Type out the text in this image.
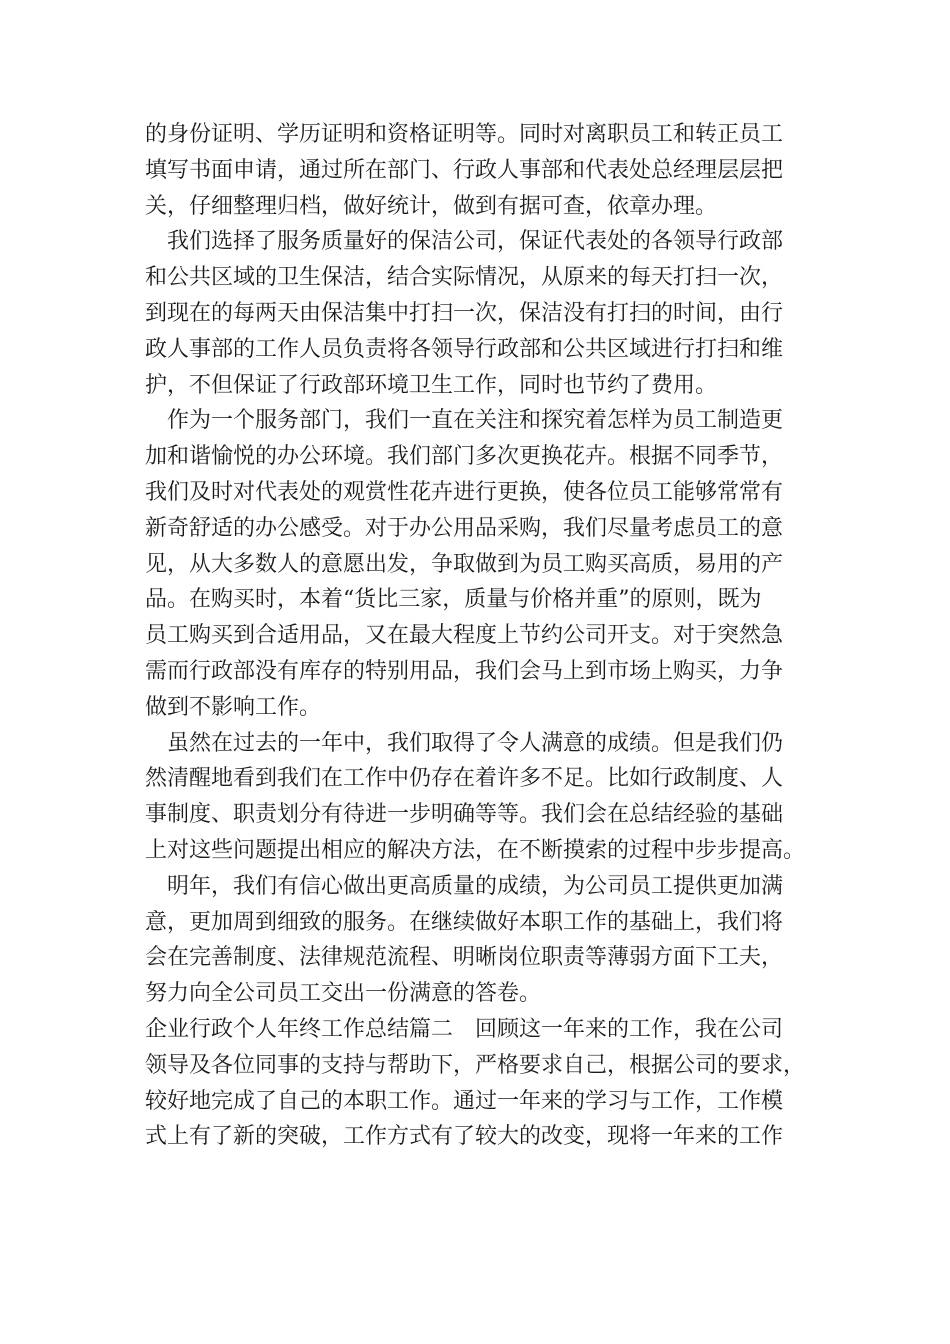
的身份证明、学历证明和资格证明等。同时对离职员工和转正员工
填写书面申请，通过所在部门、行政人事部和代表处总经理层层把
关，仔细整理归档，做好统计，做到有据可查，依章办理。
我们选择了服务质量好的保洁公司，保证代表处的各领导行政部
和公共区域的卫生保洁，结合实际情况，从原来的每天打扫一次，
到现在的每两天由保洁集中打扫一次，保洁没有打扫的时间，由行
政人事部的工作人员负责将各领导行政部和公共区域进行打扫和维
护，不但保证了行政部环境卫生工作，同时也节约了费用。
作为一个服务部门，我们一直在关注和探究着怎样为员工制造更
加和谐愉悦的办公环境。我们部门多次更换花卉。根据不同季节，
我们及时对代表处的观赏性花卉进行更换，使各位员工能够常常有
新奇舒适的办公感受。对于办公用品采购，我们尽量考虑员工的意
见，从大多数人的意愿出发，争取做到为员工购买高质，易用的产
品。在购买时，本着“货比三家，质量与价格并重”的原则，既为
员工购买到合适用品，又在最大程度上节约公司开支。对于突然急
需而行政部没有库存的特别用品，我们会马上到市场上购买，力争
做到不影响工作。
虽然在过去的一年中，我们取得了令人满意的成绩。但是我们仍
然清醒地看到我们在工作中仍存在着许多不足。比如行政制度、人
事制度、职责划分有待进一步明确等等。我们会在总结经验的基础
上对这些问题提出相应的解决方法，在不断摸索的过程中步步提高。
明年，我们有信心做出更高质量的成绩，为公司员工提供更加满
意，更加周到细致的服务。在继续做好本职工作的基础上，我们将
会在完善制度、法律规范流程、明晰岗位职责等薄弱方面下工夫，
努力向全公司员工交出一份满意的答卷。
企业行政个人年终工作总结篇二　回顾这一年来的工作，我在公司
领导及各位同事的支持与帮助下，严格要求自己，根据公司的要求，
较好地完成了自己的本职工作。通过一年来的学习与工作，工作模
式上有了新的突破，工作方式有了较大的改变，现将一年来的工作
